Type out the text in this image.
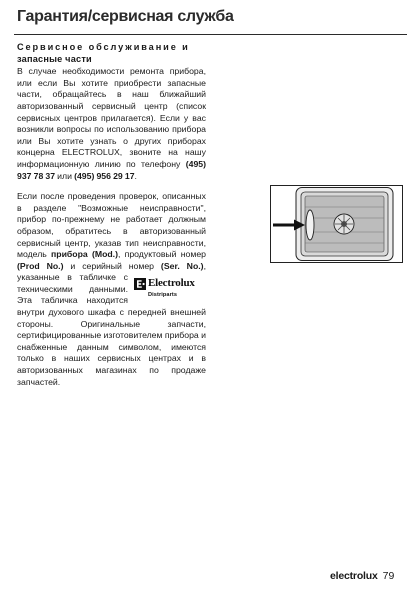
Гарантия/сервисная служба
Сервисное обслуживание и
запасные части

В случае необходимости ремонта прибора, или если Вы хотите приобрести запасные части, обращайтесь в наш ближайший авторизованный сервисный центр (список сервисных центров прилагается). Если у вас возникли вопросы по использованию прибора или Вы хотите узнать о других приборах концерна ELECTROLUX, звоните на нашу информационную линию по телефону (495) 937 78 37 или (495) 956 29 17.

Если после проведения проверок, описанных в разделе "Возможные неисправности", прибор по-прежнему не работает должным образом, обратитесь в авторизованный сервисный центр, указав тип неисправности, модель прибора (Mod.), продуктовый номер (Prod No.) и серийный номер (Ser. No.)
Electrolux
Distriparts
, указанные в табличке с техническими данными. Эта табличка находится внутри духового шкафа с передней внешней стороны. Оригинальные запчасти, сертифицированные изготовителем прибора и снабженные данным символом, имеются только в наших сервисных центрах и в авторизованных магазинах по продаже запчастей.

electrolux 79
